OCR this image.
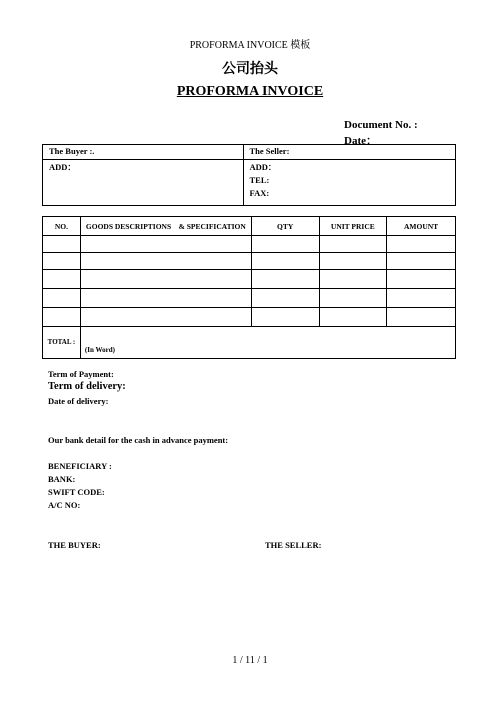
PROFORMA INVOICE 模板
公司抬头
PROFORMA INVOICE
Document No. :
Date：
The Buyer :.	The Seller:

ADD：	ADD：
TEL:
FAX:
NO.	GOODS DESCRIPTIONS    & SPECIFICATION	QTY	UNIT PRICE	AMOUNT

TOTAL :	(In Word)			
Term of Payment:
Term of delivery:
Date of delivery:
Our bank detail for the cash in advance payment:
BENEFICIARY :
BANK:
SWIFT CODE:
A/C NO:
THE BUYER:	THE SELLER:
1 / 11 / 1
